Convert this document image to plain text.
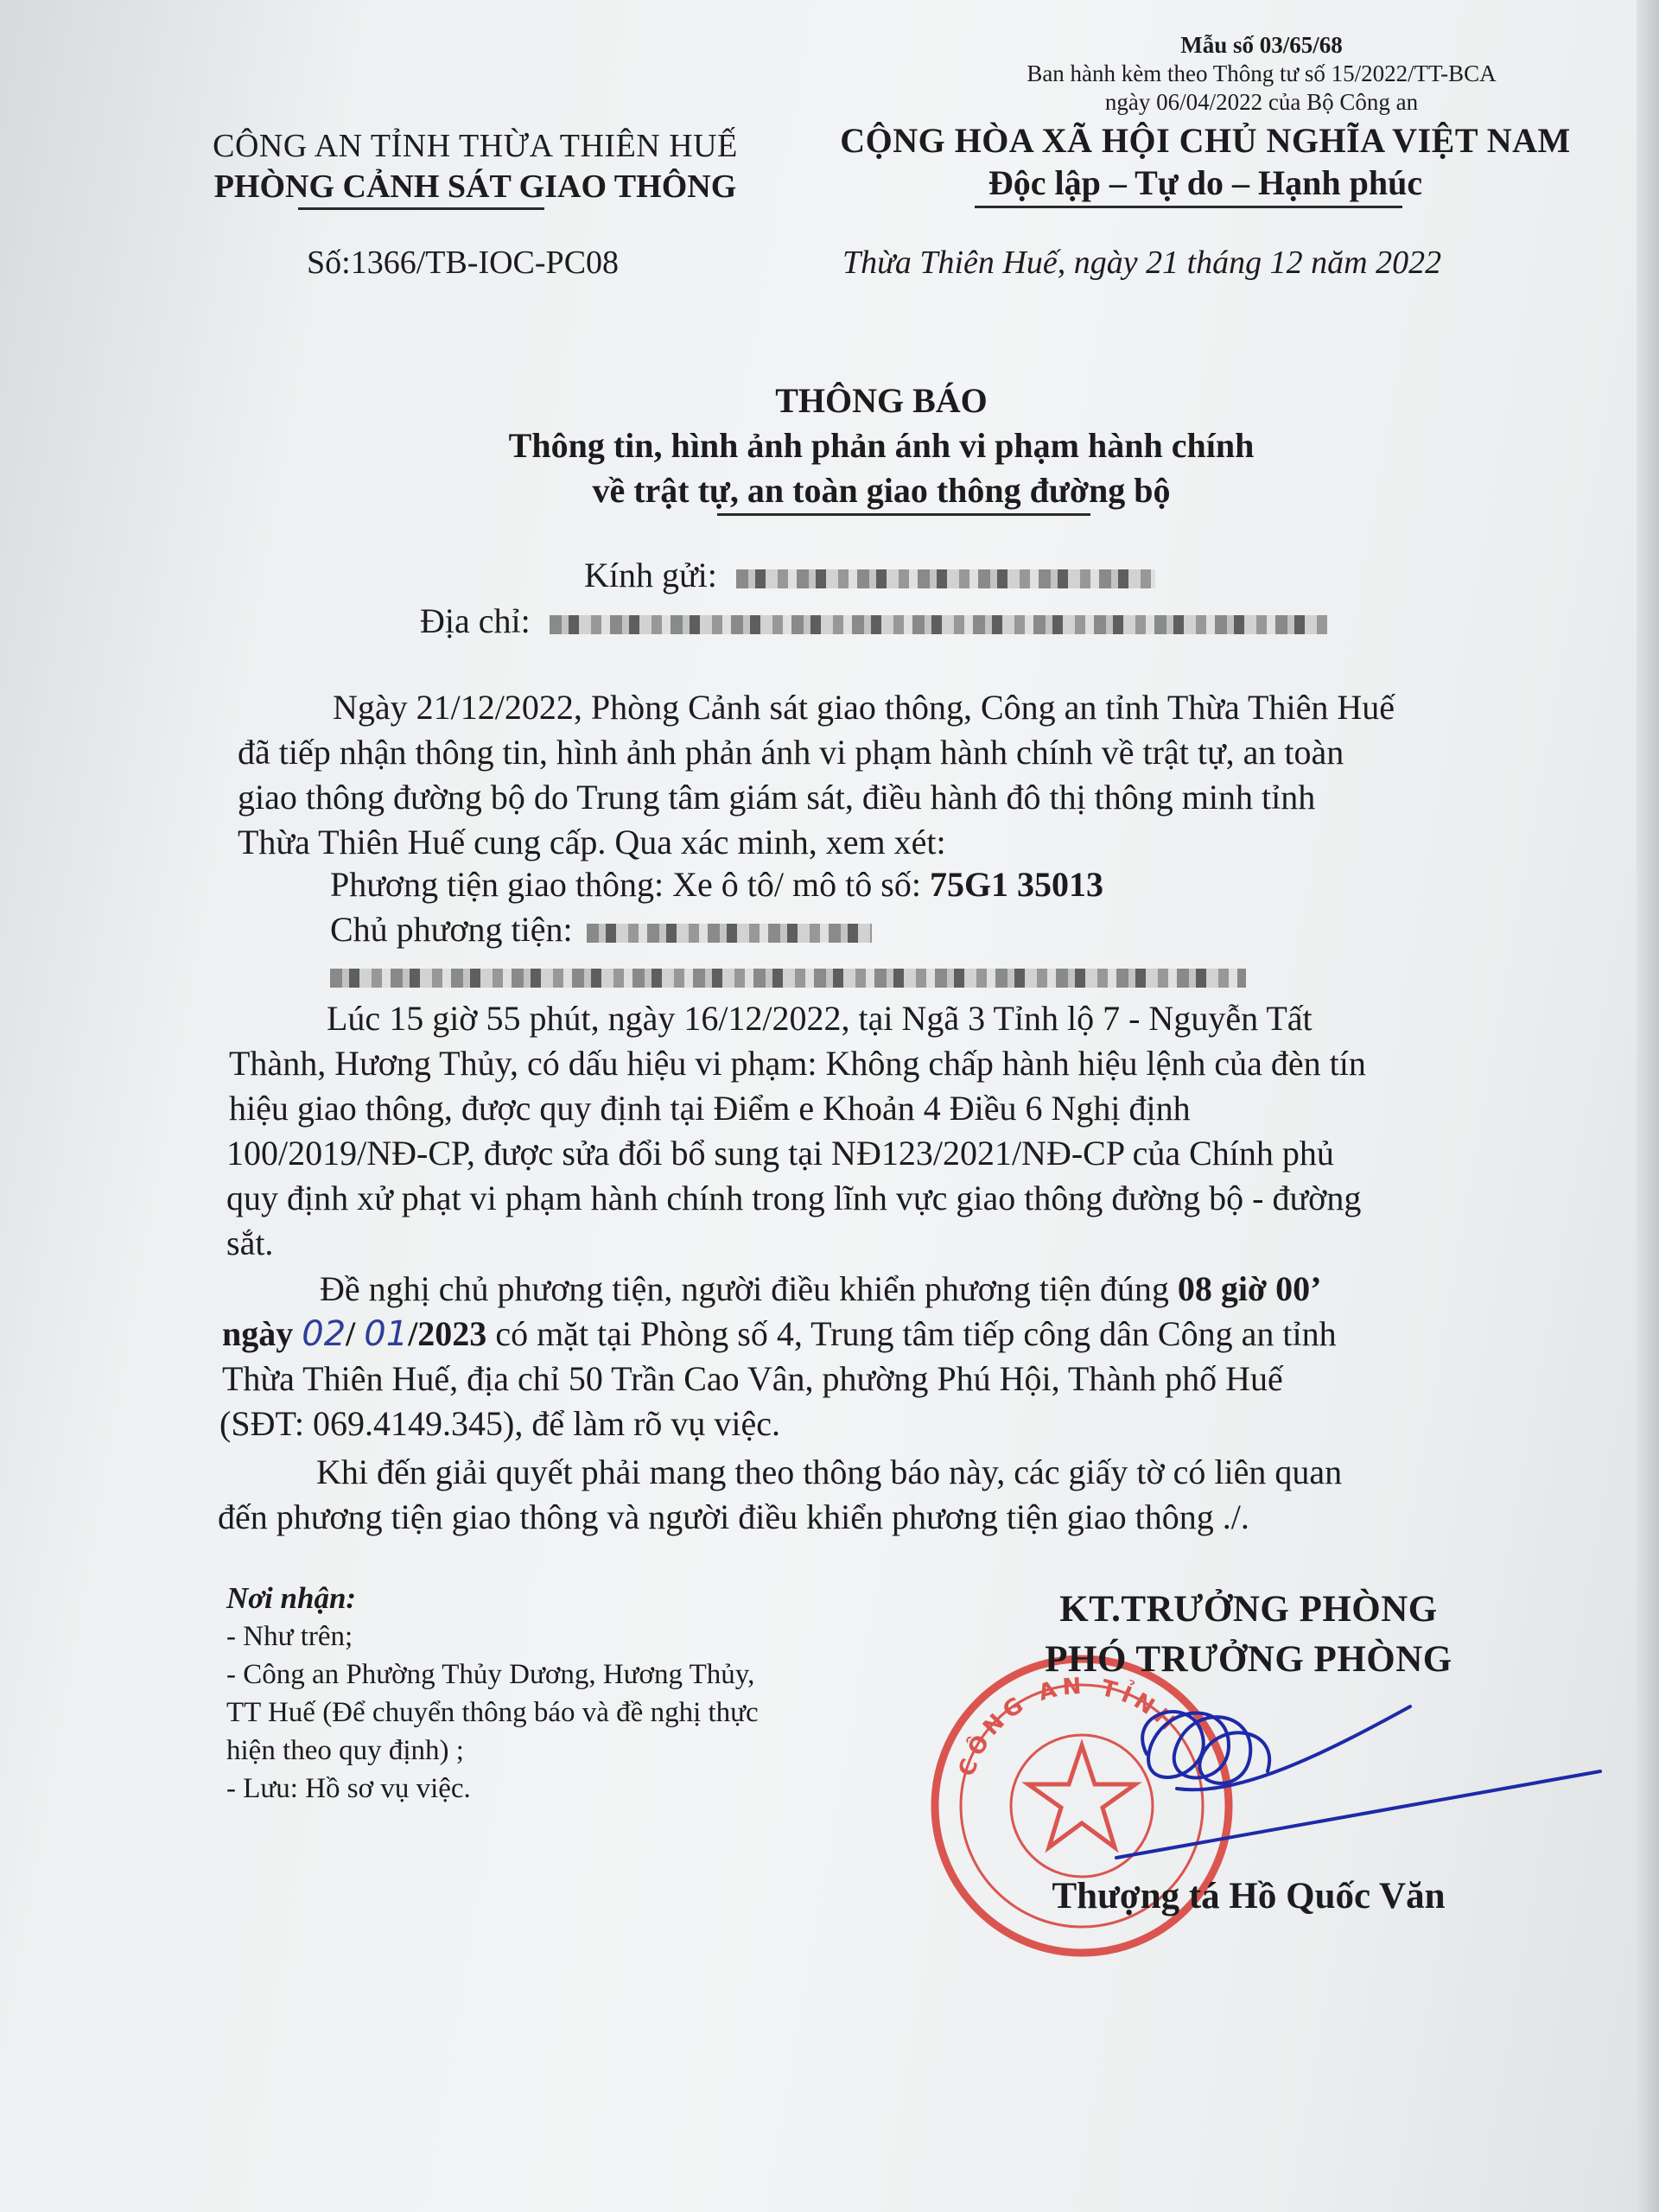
Mẫu số 03/65/68
Ban hành kèm theo Thông tư số 15/2022/TT-BCA
ngày 06/04/2022 của Bộ Công an
CÔNG AN TỈNH THỪA THIÊN HUẾ
PHÒNG CẢNH SÁT GIAO THÔNG
CỘNG HÒA XÃ HỘI CHỦ NGHĨA VIỆT NAM
Độc lập – Tự do – Hạnh phúc
Số:1366/TB-IOC-PC08	Thừa Thiên Huế, ngày 21 tháng 12 năm 2022
THÔNG BÁO
Thông tin, hình ảnh phản ánh vi phạm hành chính
về trật tự, an toàn giao thông đường bộ
Kính gửi:
Địa chỉ:
Ngày 21/12/2022, Phòng Cảnh sát giao thông, Công an tỉnh Thừa Thiên Huế
đã tiếp nhận thông tin, hình ảnh phản ánh vi phạm hành chính về trật tự, an toàn
giao thông đường bộ do Trung tâm giám sát, điều hành đô thị thông minh tỉnh
Thừa Thiên Huế cung cấp. Qua xác minh, xem xét:
Phương tiện giao thông: Xe ô tô/ mô tô số: 75G1 35013
Chủ phương tiện:
Lúc 15 giờ 55 phút, ngày 16/12/2022, tại Ngã 3 Tỉnh lộ 7 - Nguyễn Tất
Thành, Hương Thủy, có dấu hiệu vi phạm: Không chấp hành hiệu lệnh của đèn tín
hiệu giao thông, được quy định tại Điểm e Khoản 4 Điều 6 Nghị định
100/2019/NĐ-CP, được sửa đổi bổ sung tại NĐ123/2021/NĐ-CP của Chính phủ
quy định xử phạt vi phạm hành chính trong lĩnh vực giao thông đường bộ - đường
sắt.
Đề nghị chủ phương tiện, người điều khiển phương tiện đúng 08 giờ 00’
ngày 02/ 01/2023 có mặt tại Phòng số 4, Trung tâm tiếp công dân Công an tỉnh
Thừa Thiên Huế, địa chỉ 50 Trần Cao Vân, phường Phú Hội, Thành phố Huế
(SĐT: 069.4149.345), để làm rõ vụ việc.
Khi đến giải quyết phải mang theo thông báo này, các giấy tờ có liên quan
đến phương tiện giao thông và người điều khiển phương tiện giao thông ./.
Nơi nhận:
- Như trên;
- Công an Phường Thủy Dương, Hương Thủy,
TT Huế (Để chuyển thông báo và đề nghị thực
hiện theo quy định) ;
- Lưu: Hồ sơ vụ việc.
CÔNG AN TỈNH
KT.TRƯỞNG PHÒNG
PHÓ TRƯỞNG PHÒNG
Thượng tá Hồ Quốc Văn
